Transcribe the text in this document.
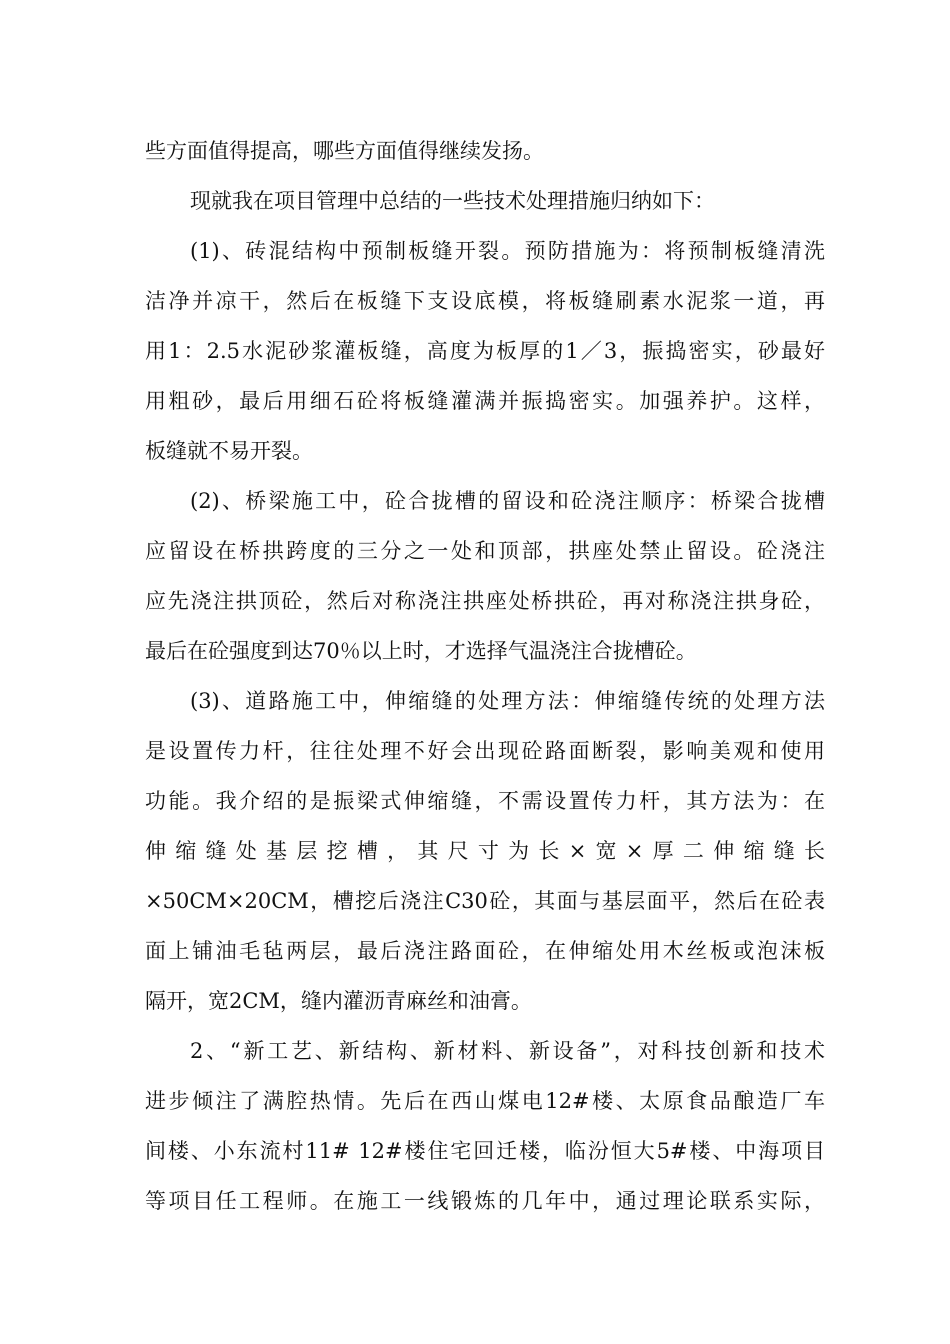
些方面值得提高，哪些方面值得继续发扬。
现就我在项目管理中总结的一些技术处理措施归纳如下：
(1)、砖混结构中预制板缝开裂。预防措施为：将预制板缝清洗
洁净并凉干，然后在板缝下支设底模，将板缝刷素水泥浆一道，再
用1：2.5水泥砂浆灌板缝，高度为板厚的1／3，振捣密实，砂最好
用粗砂，最后用细石砼将板缝灌满并振捣密实。加强养护。这样，
板缝就不易开裂。
(2)、桥梁施工中，砼合拢槽的留设和砼浇注顺序：桥梁合拢槽
应留设在桥拱跨度的三分之一处和顶部，拱座处禁止留设。砼浇注
应先浇注拱顶砼，然后对称浇注拱座处桥拱砼，再对称浇注拱身砼，
最后在砼强度到达70％以上时，才选择气温浇注合拢槽砼。
(3)、道路施工中，伸缩缝的处理方法：伸缩缝传统的处理方法
是设置传力杆，往往处理不好会出现砼路面断裂，影响美观和使用
功能。我介绍的是振梁式伸缩缝，不需设置传力杆，其方法为：在
伸缩缝处基层挖槽，其尺寸为长×宽×厚二伸缩缝长
×50CM×20CM，槽挖后浇注C30砼，其面与基层面平，然后在砼表
面上铺油毛毡两层，最后浇注路面砼，在伸缩处用木丝板或泡沫板
隔开，宽2CM，缝内灌沥青麻丝和油膏。
2、“新工艺、新结构、新材料、新设备”，对科技创新和技术
进步倾注了满腔热情。先后在西山煤电12#楼、太原食品酿造厂车
间楼、小东流村11# 12#楼住宅回迁楼，临汾恒大5#楼、中海项目
等项目任工程师。在施工一线锻炼的几年中，通过理论联系实际，
